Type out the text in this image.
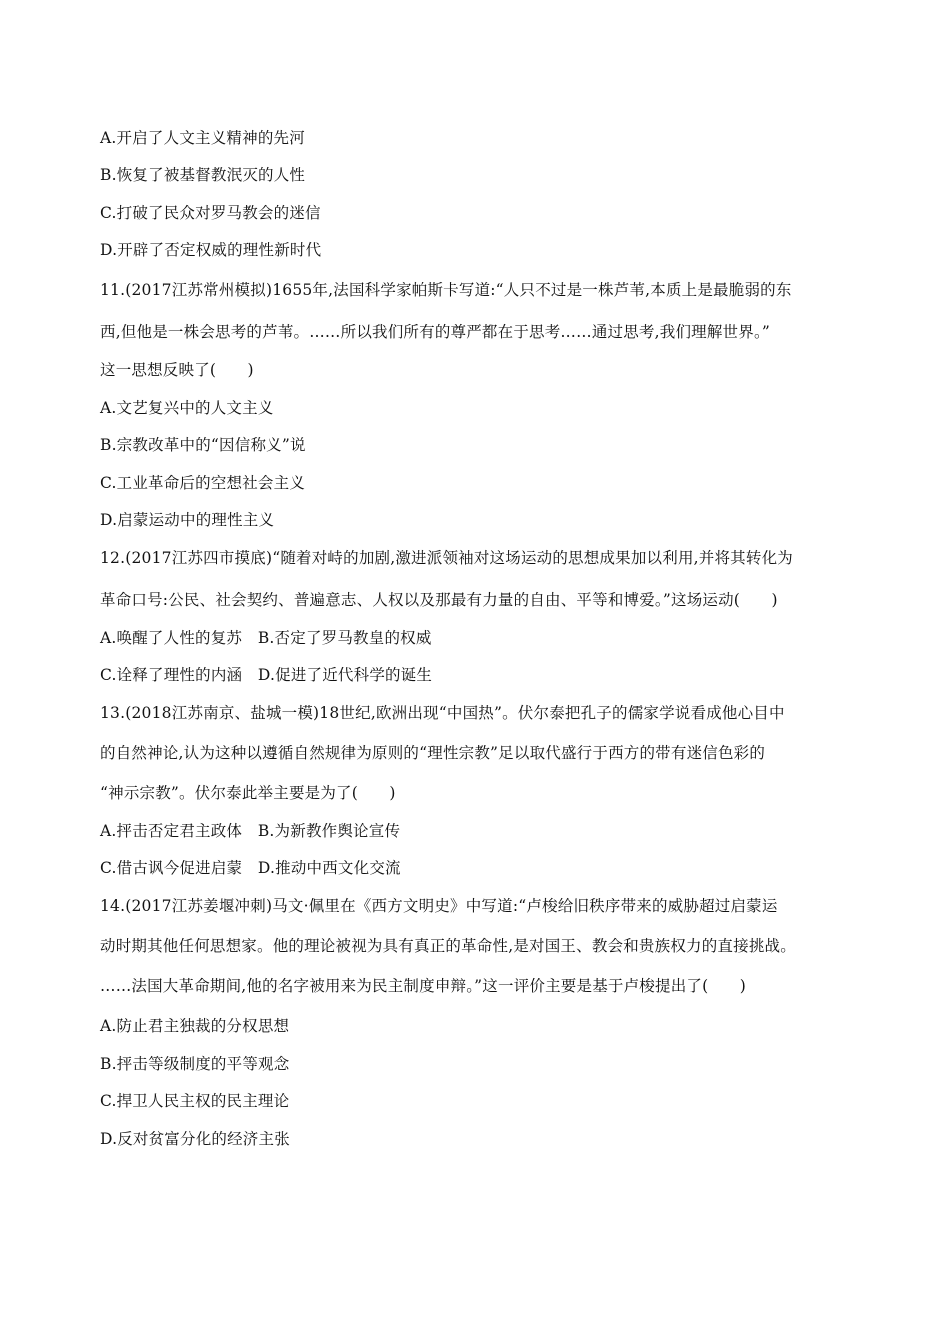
A.开启了人文主义精神的先河
B.恢复了被基督教泯灭的人性
C.打破了民众对罗马教会的迷信
D.开辟了否定权威的理性新时代
11.(2017江苏常州模拟)1655年,法国科学家帕斯卡写道:“人只不过是一株芦苇,本质上是最脆弱的东
西,但他是一株会思考的芦苇。……所以我们所有的尊严都在于思考……通过思考,我们理解世界。”
这一思想反映了(　　)
A.文艺复兴中的人文主义
B.宗教改革中的“因信称义”说
C.工业革命后的空想社会主义
D.启蒙运动中的理性主义
12.(2017江苏四市摸底)“随着对峙的加剧,激进派领袖对这场运动的思想成果加以利用,并将其转化为
革命口号:公民、社会契约、普遍意志、人权以及那最有力量的自由、平等和博爱。”这场运动(　　)
A.唤醒了人性的复苏　B.否定了罗马教皇的权威
C.诠释了理性的内涵　D.促进了近代科学的诞生
13.(2018江苏南京、盐城一模)18世纪,欧洲出现“中国热”。伏尔泰把孔子的儒家学说看成他心目中
的自然神论,认为这种以遵循自然规律为原则的“理性宗教”足以取代盛行于西方的带有迷信色彩的
“神示宗教”。伏尔泰此举主要是为了(　　)
A.抨击否定君主政体　B.为新教作舆论宣传
C.借古讽今促进启蒙　D.推动中西文化交流
14.(2017江苏姜堰冲刺)马文·佩里在《西方文明史》中写道:“卢梭给旧秩序带来的威胁超过启蒙运
动时期其他任何思想家。他的理论被视为具有真正的革命性,是对国王、教会和贵族权力的直接挑战。
……法国大革命期间,他的名字被用来为民主制度申辩。”这一评价主要是基于卢梭提出了(　　)
A.防止君主独裁的分权思想
B.抨击等级制度的平等观念
C.捍卫人民主权的民主理论
D.反对贫富分化的经济主张
